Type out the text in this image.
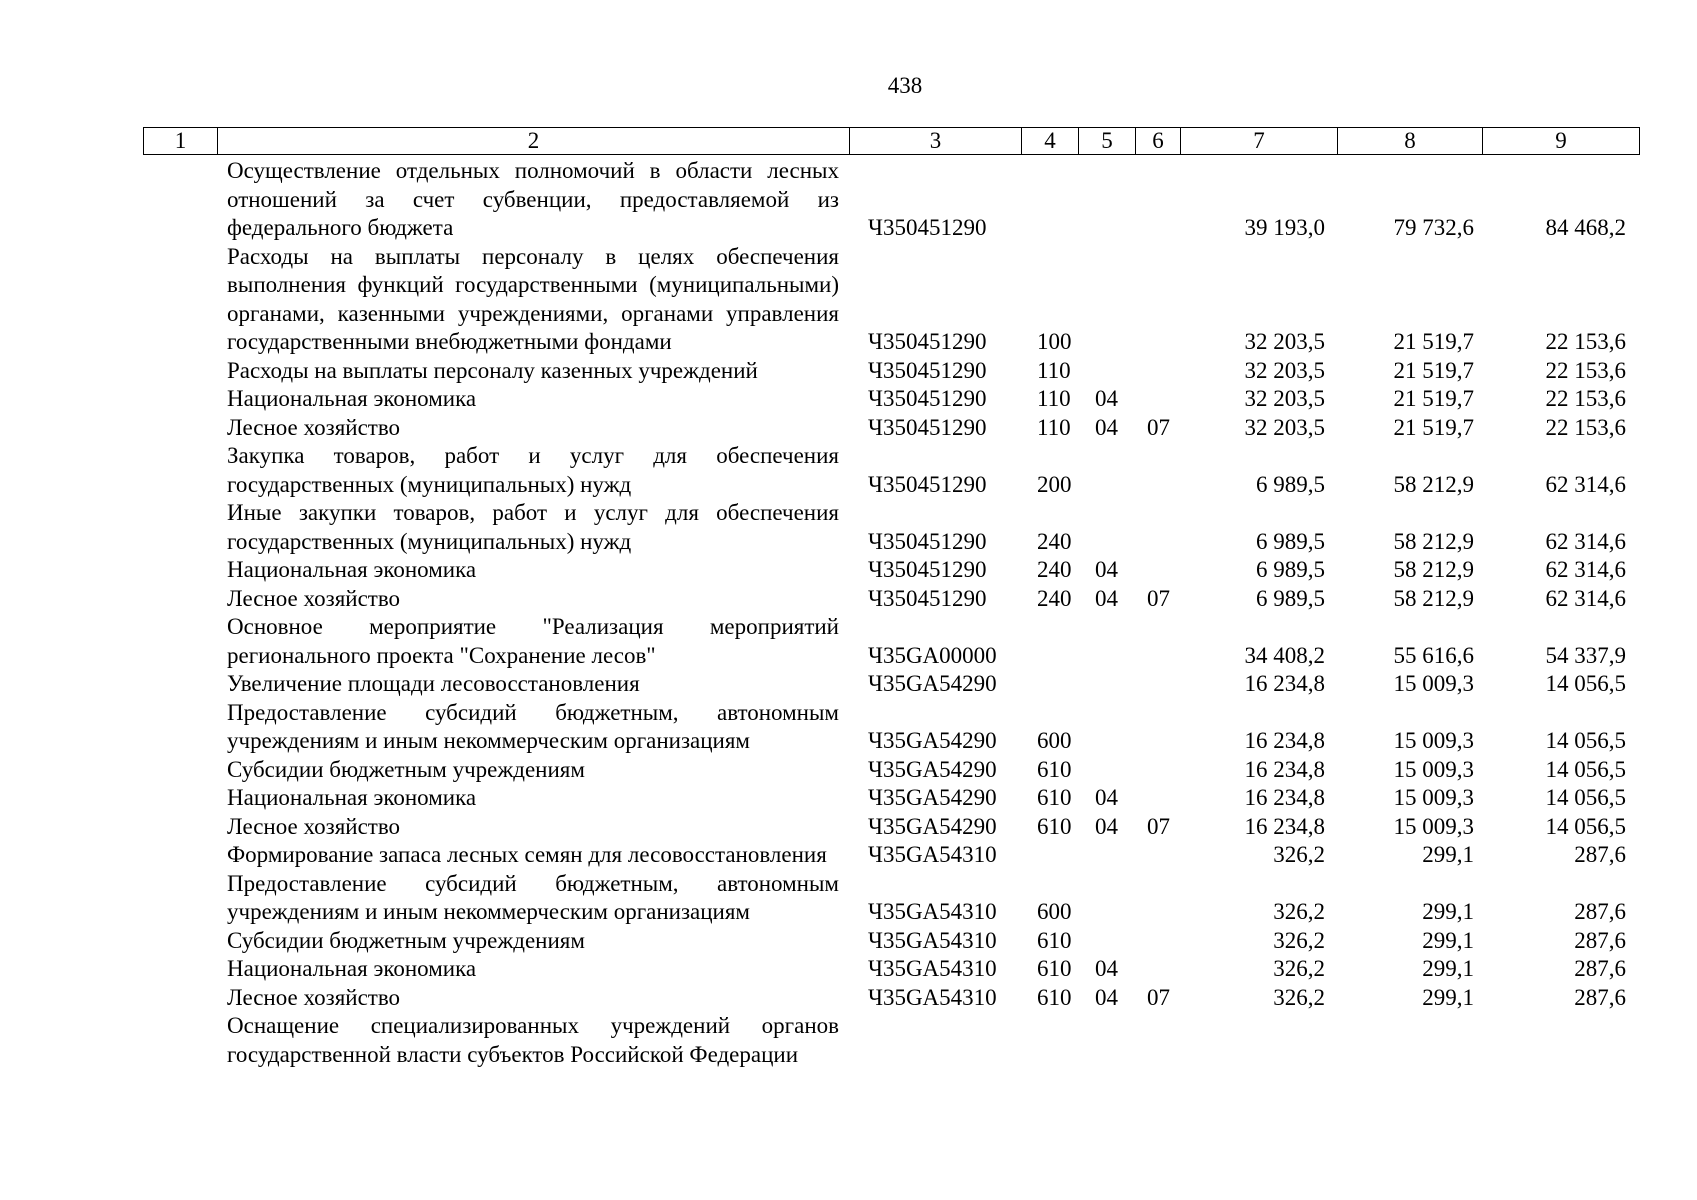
438
1	2	3	4	5	6	7	8	9
Осуществление отдельных полномочий в области лесных отношений за счет субвенции, предоставляемой из федерального бюджета	Ч350451290	39 193,0	79 732,6	84 468,2
Расходы на выплаты персоналу в целях обеспечения выполнения функций государственными (муниципальными) органами, казенными учреждениями, органами управления государственными внебюджетными фондами	Ч350451290 100	32 203,5	21 519,7	22 153,6
Расходы на выплаты персоналу казенных учреждений	Ч350451290 110	32 203,5	21 519,7	22 153,6
Национальная экономика	Ч350451290 110 04	32 203,5	21 519,7	22 153,6
Лесное хозяйство	Ч350451290 110 04 07	32 203,5	21 519,7	22 153,6
Закупка товаров, работ и услуг для обеспечения государственных (муниципальных) нужд	Ч350451290 200	6 989,5	58 212,9	62 314,6
Иные закупки товаров, работ и услуг для обеспечения государственных (муниципальных) нужд	Ч350451290 240	6 989,5	58 212,9	62 314,6
Национальная экономика	Ч350451290 240 04	6 989,5	58 212,9	62 314,6
Лесное хозяйство	Ч350451290 240 04 07	6 989,5	58 212,9	62 314,6
Основное мероприятие "Реализация мероприятий регионального проекта "Сохранение лесов"	Ч35GA00000	34 408,2	55 616,6	54 337,9
Увеличение площади лесовосстановления	Ч35GA54290	16 234,8	15 009,3	14 056,5
Предоставление субсидий бюджетным, автономным учреждениям и иным некоммерческим организациям	Ч35GA54290 600	16 234,8	15 009,3	14 056,5
Субсидии бюджетным учреждениям	Ч35GA54290 610	16 234,8	15 009,3	14 056,5
Национальная экономика	Ч35GA54290 610 04	16 234,8	15 009,3	14 056,5
Лесное хозяйство	Ч35GA54290 610 04 07	16 234,8	15 009,3	14 056,5
Формирование запаса лесных семян для лесовосстановления	Ч35GA54310	326,2	299,1	287,6
Предоставление субсидий бюджетным, автономным учреждениям и иным некоммерческим организациям	Ч35GA54310 600	326,2	299,1	287,6
Субсидии бюджетным учреждениям	Ч35GA54310 610	326,2	299,1	287,6
Национальная экономика	Ч35GA54310 610 04	326,2	299,1	287,6
Лесное хозяйство	Ч35GA54310 610 04 07	326,2	299,1	287,6
Оснащение специализированных учреждений органов государственной власти субъектов Российской Федерации
